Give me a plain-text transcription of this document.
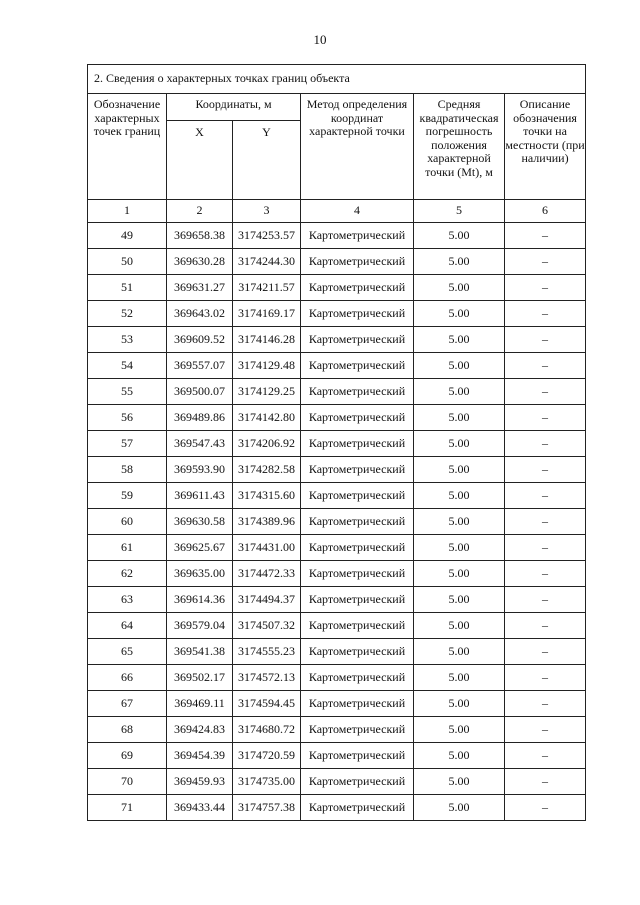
10
2. Сведения о характерных точках границ объекта					
Обозначение характерных точек границ	Координаты, м		Метод определения координат характерной точки	Средняя квадратическая погрешность положения характерной точки (Mt), м	Описание обозначения точки на местности (при наличии)
	X	Y			
1	2	3	4	5	6
49	369658.38	3174253.57	Картометрический	5.00	–
50	369630.28	3174244.30	Картометрический	5.00	–
51	369631.27	3174211.57	Картометрический	5.00	–
52	369643.02	3174169.17	Картометрический	5.00	–
53	369609.52	3174146.28	Картометрический	5.00	–
54	369557.07	3174129.48	Картометрический	5.00	–
55	369500.07	3174129.25	Картометрический	5.00	–
56	369489.86	3174142.80	Картометрический	5.00	–
57	369547.43	3174206.92	Картометрический	5.00	–
58	369593.90	3174282.58	Картометрический	5.00	–
59	369611.43	3174315.60	Картометрический	5.00	–
60	369630.58	3174389.96	Картометрический	5.00	–
61	369625.67	3174431.00	Картометрический	5.00	–
62	369635.00	3174472.33	Картометрический	5.00	–
63	369614.36	3174494.37	Картометрический	5.00	–
64	369579.04	3174507.32	Картометрический	5.00	–
65	369541.38	3174555.23	Картометрический	5.00	–
66	369502.17	3174572.13	Картометрический	5.00	–
67	369469.11	3174594.45	Картометрический	5.00	–
68	369424.83	3174680.72	Картометрический	5.00	–
69	369454.39	3174720.59	Картометрический	5.00	–
70	369459.93	3174735.00	Картометрический	5.00	–
71	369433.44	3174757.38	Картометрический	5.00	–
